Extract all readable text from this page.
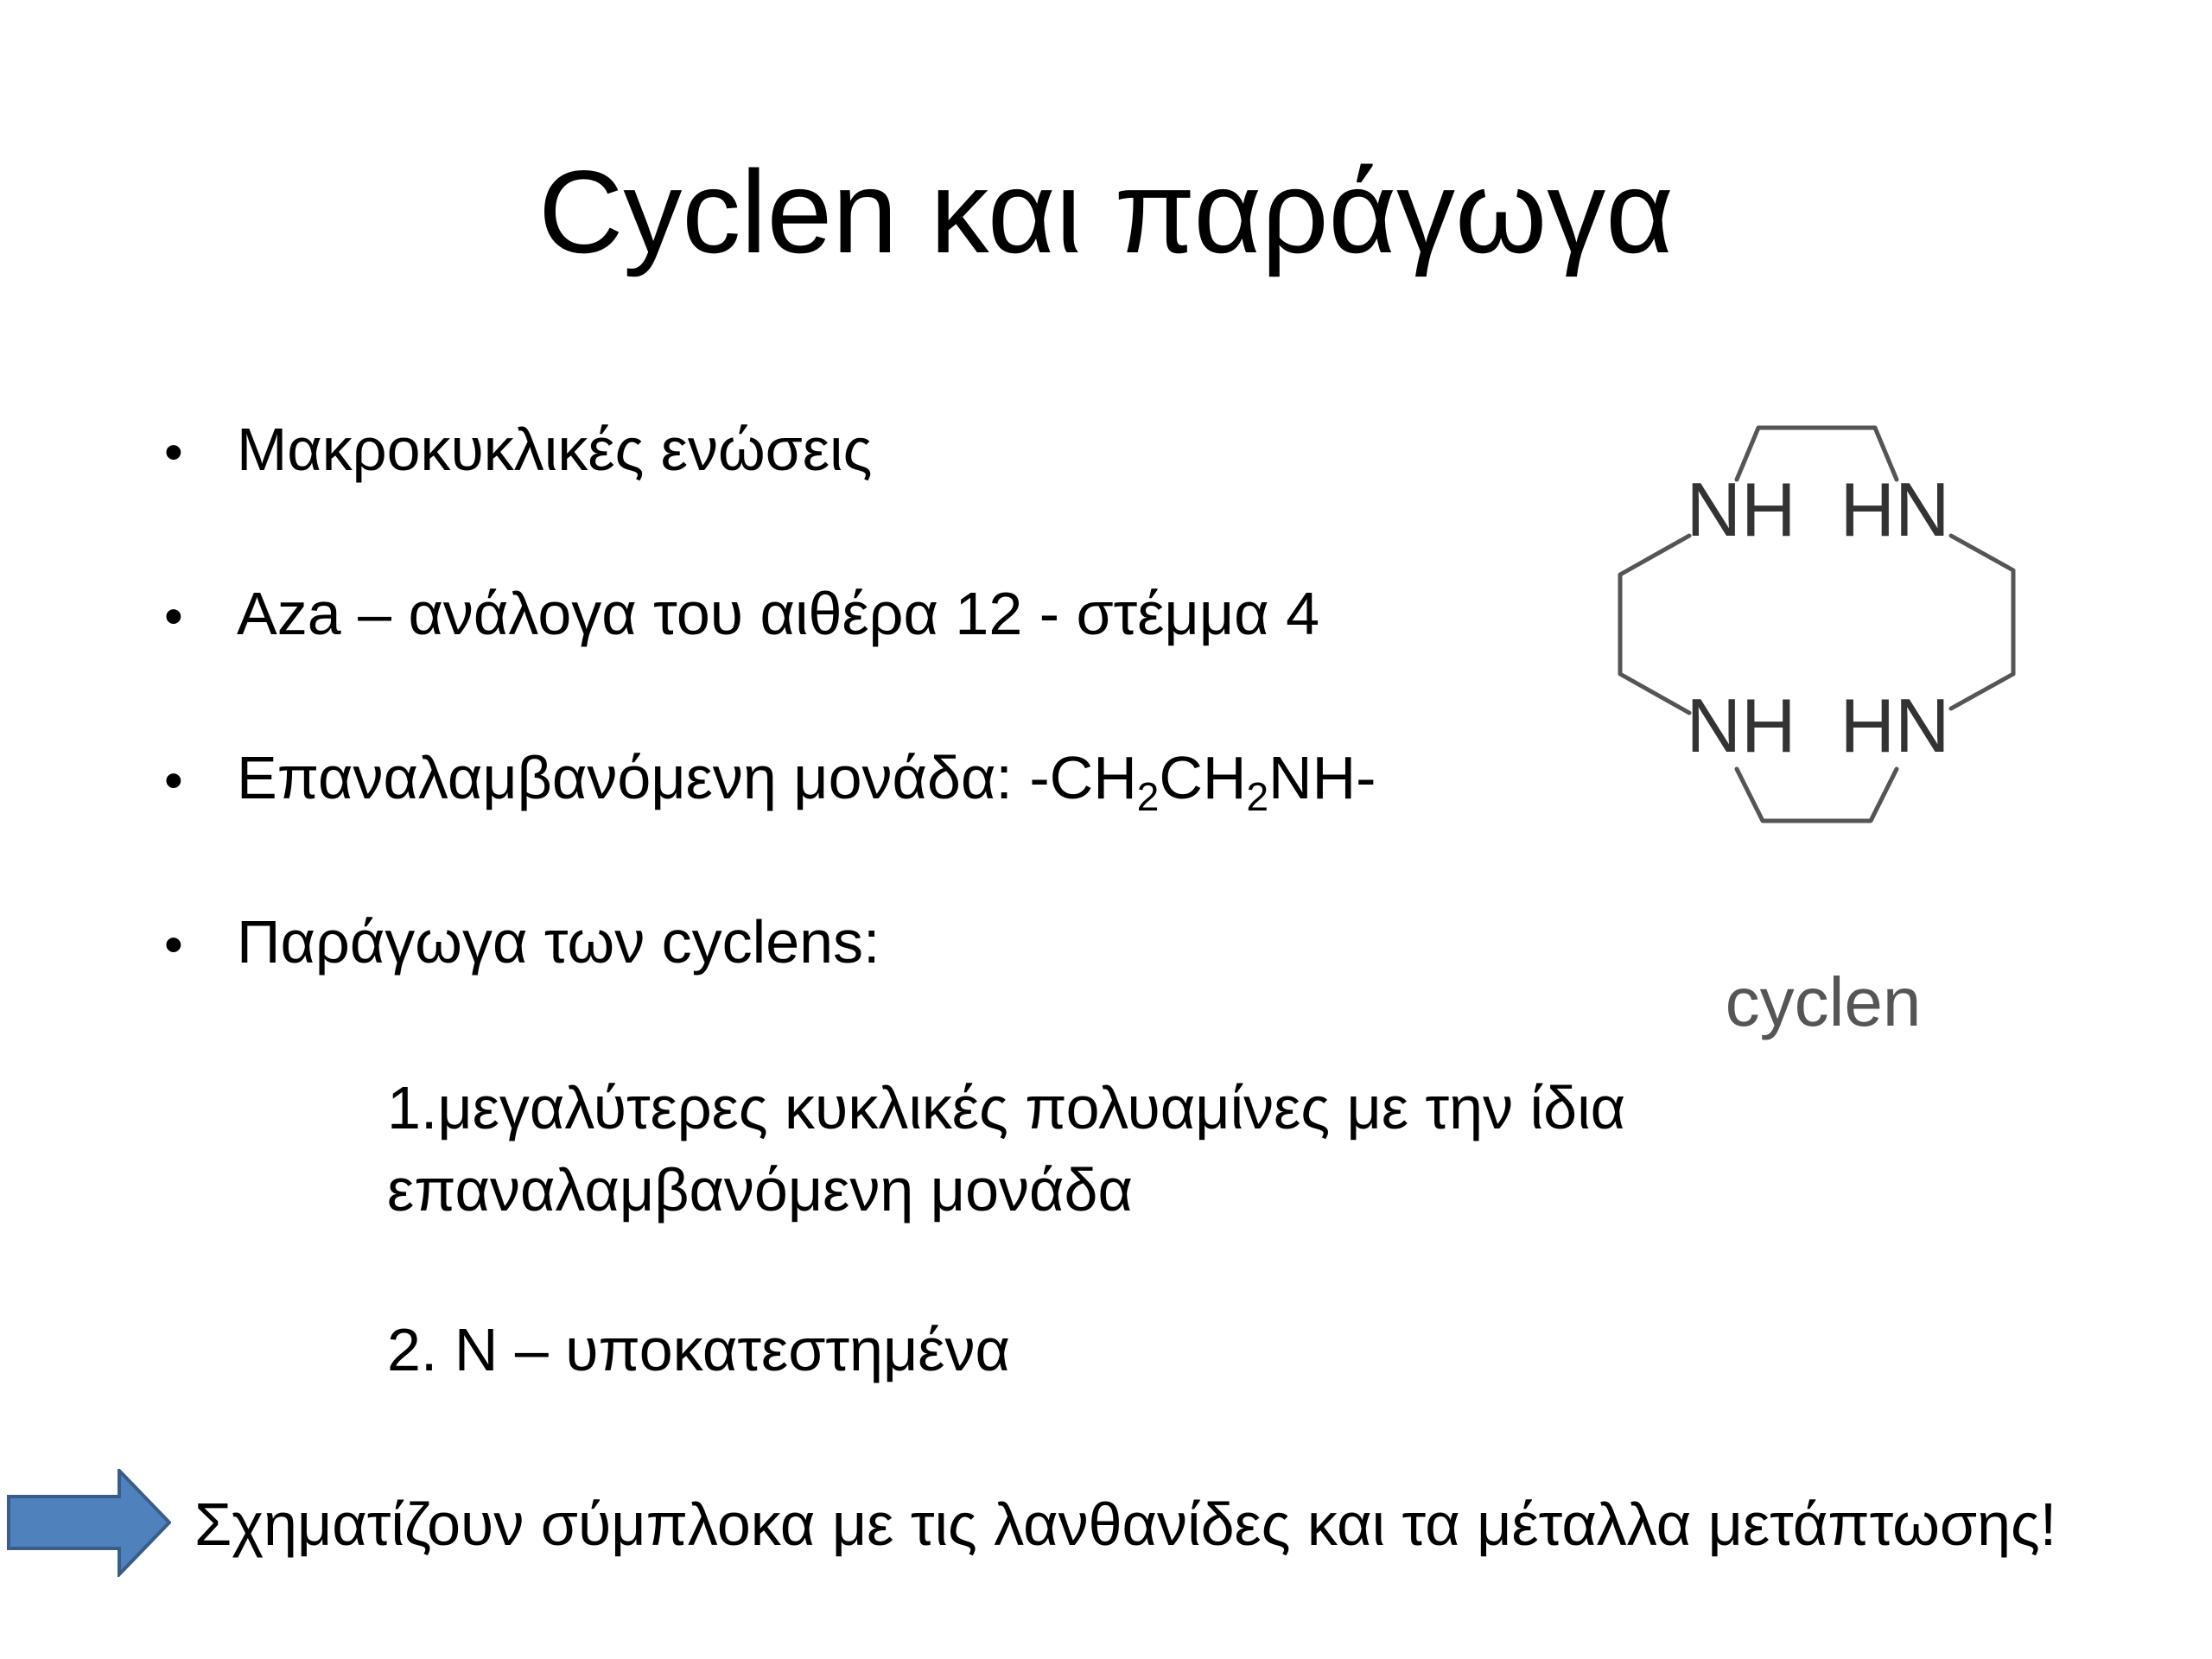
Cyclen και παράγωγα
• Μακροκυκλικές ενώσεις
• Aza – ανάλογα του αιθέρα 12 - στέμμα 4
• Επαναλαμβανόμενη μονάδα: $-CH_2CH_2NH-$
• Παράγωγα των cyclens:
1.μεγαλύτερες κυκλικές πολυαμίνες με την ίδια
επαναλαμβανόμενη μονάδα
2. N – υποκατεστημένα
NH HN
NH HN
cyclen
Σχηματίζουν σύμπλοκα με τις λανθανίδες και τα μέταλλα μετάπτωσης!
